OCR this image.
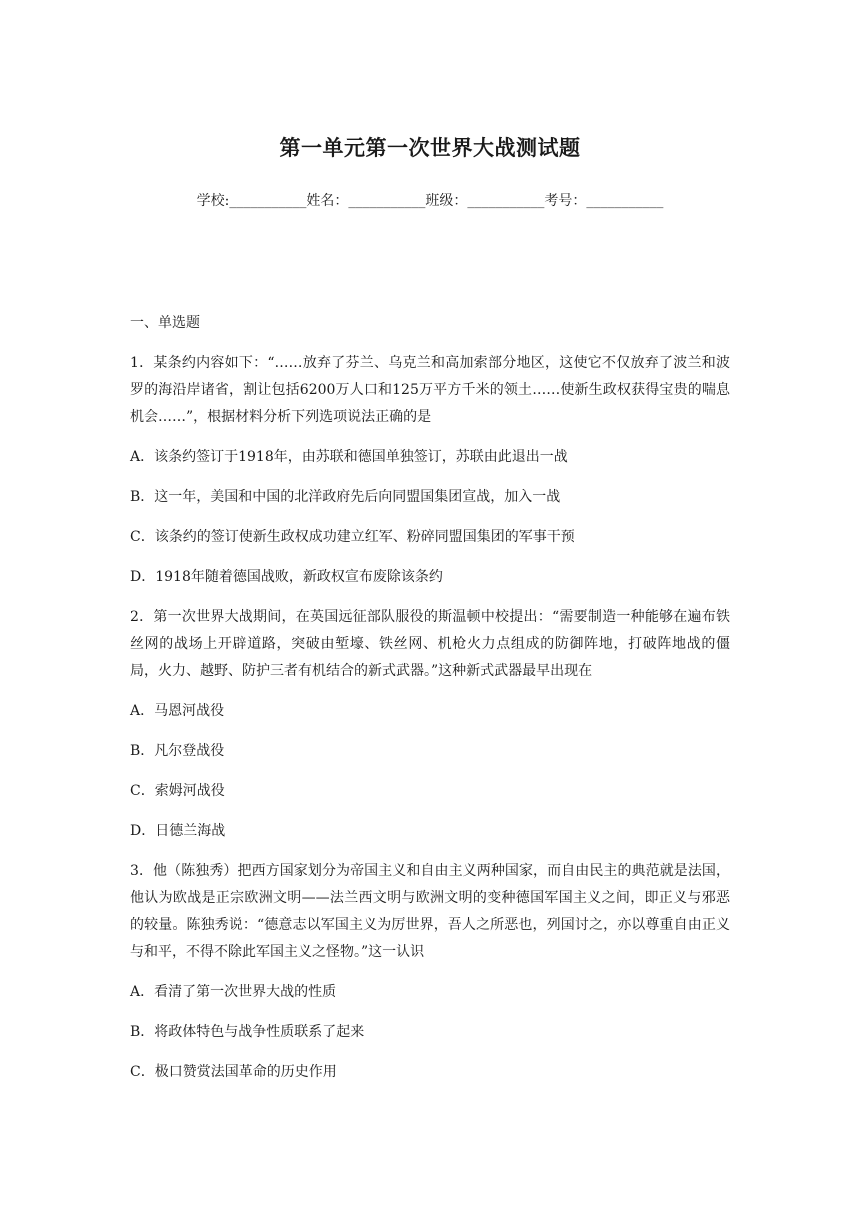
第一单元第一次世界大战测试题
学校:___________姓名：___________班级：___________考号：___________

一、单选题

1．某条约内容如下：“……放弃了芬兰、乌克兰和高加索部分地区，这使它不仅放弃了波兰和波罗的海沿岸诸省，割让包括6200万人口和125万平方千米的领土……使新生政权获得宝贵的喘息机会……”，根据材料分析下列选项说法正确的是

A．该条约签订于1918年，由苏联和德国单独签订，苏联由此退出一战

B．这一年，美国和中国的北洋政府先后向同盟国集团宣战，加入一战

C．该条约的签订使新生政权成功建立红军、粉碎同盟国集团的军事干预

D．1918年随着德国战败，新政权宣布废除该条约

2．第一次世界大战期间，在英国远征部队服役的斯温顿中校提出：“需要制造一种能够在遍布铁丝网的战场上开辟道路，突破由堑壕、铁丝网、机枪火力点组成的防御阵地，打破阵地战的僵局，火力、越野、防护三者有机结合的新式武器。”这种新式武器最早出现在

A．马恩河战役

B．凡尔登战役

C．索姆河战役

D．日德兰海战

3．他（陈独秀）把西方国家划分为帝国主义和自由主义两种国家，而自由民主的典范就是法国，他认为欧战是正宗欧洲文明——法兰西文明与欧洲文明的变种德国军国主义之间，即正义与邪恶的较量。陈独秀说：“德意志以军国主义为厉世界，吾人之所恶也，列国讨之，亦以尊重自由正义与和平，不得不除此军国主义之怪物。”这一认识

A．看清了第一次世界大战的性质

B．将政体特色与战争性质联系了起来

C．极口赞赏法国革命的历史作用
